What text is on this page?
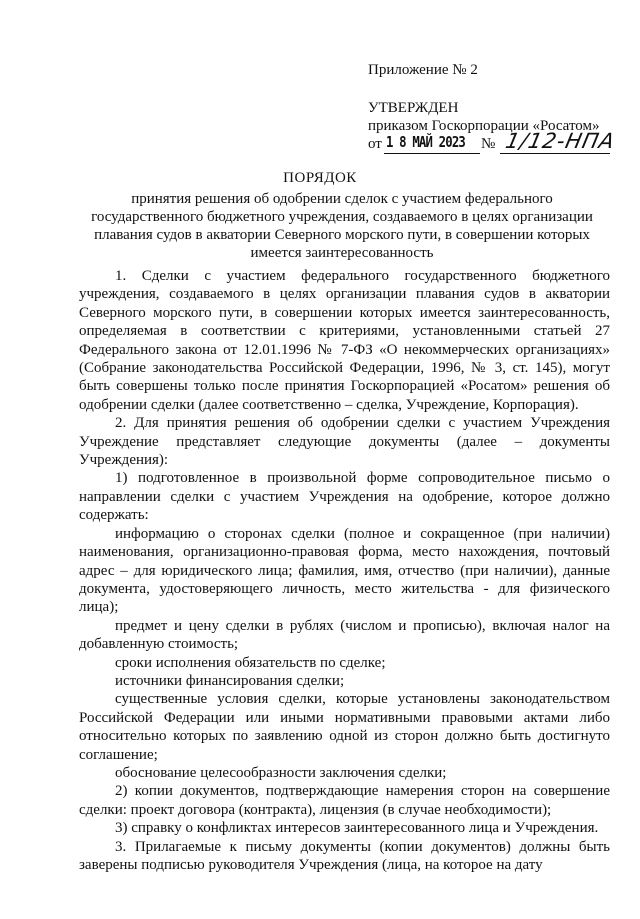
Приложение № 2
УТВЕРЖДЕН
приказом Госкорпорации «Росатом»
от 1 8 МАЙ 2023 № 1/12-НПА
ПОРЯДОК
принятия решения об одобрении сделок с участием федерального государственного бюджетного учреждения, создаваемого в целях организации плавания судов в акватории Северного морского пути, в совершении которых имеется заинтересованность

1. Сделки с участием федерального государственного бюджетного учреждения, создаваемого в целях организации плавания судов в акватории Северного морского пути, в совершении которых имеется заинтересованность, определяемая в соответствии с критериями, установленными статьей 27 Федерального закона от 12.01.1996 № 7-ФЗ «О некоммерческих организациях» (Собрание законодательства Российской Федерации, 1996, № 3, ст. 145), могут быть совершены только после принятия Госкорпорацией «Росатом» решения об одобрении сделки (далее соответственно – сделка, Учреждение, Корпорация).

2. Для принятия решения об одобрении сделки с участием Учреждения Учреждение представляет следующие документы (далее – документы Учреждения):

1) подготовленное в произвольной форме сопроводительное письмо о направлении сделки с участием Учреждения на одобрение, которое должно содержать:

информацию о сторонах сделки (полное и сокращенное (при наличии) наименования, организационно-правовая форма, место нахождения, почтовый адрес – для юридического лица; фамилия, имя, отчество (при наличии), данные документа, удостоверяющего личность, место жительства - для физического лица);

предмет и цену сделки в рублях (числом и прописью), включая налог на добавленную стоимость;

сроки исполнения обязательств по сделке;

источники финансирования сделки;

существенные условия сделки, которые установлены законодательством Российской Федерации или иными нормативными правовыми актами либо относительно которых по заявлению одной из сторон должно быть достигнуто соглашение;

обоснование целесообразности заключения сделки;

2) копии документов, подтверждающие намерения сторон на совершение сделки: проект договора (контракта), лицензия (в случае необходимости);

3) справку о конфликтах интересов заинтересованного лица и Учреждения.

3. Прилагаемые к письму документы (копии документов) должны быть заверены подписью руководителя Учреждения (лица, на которое на дату
